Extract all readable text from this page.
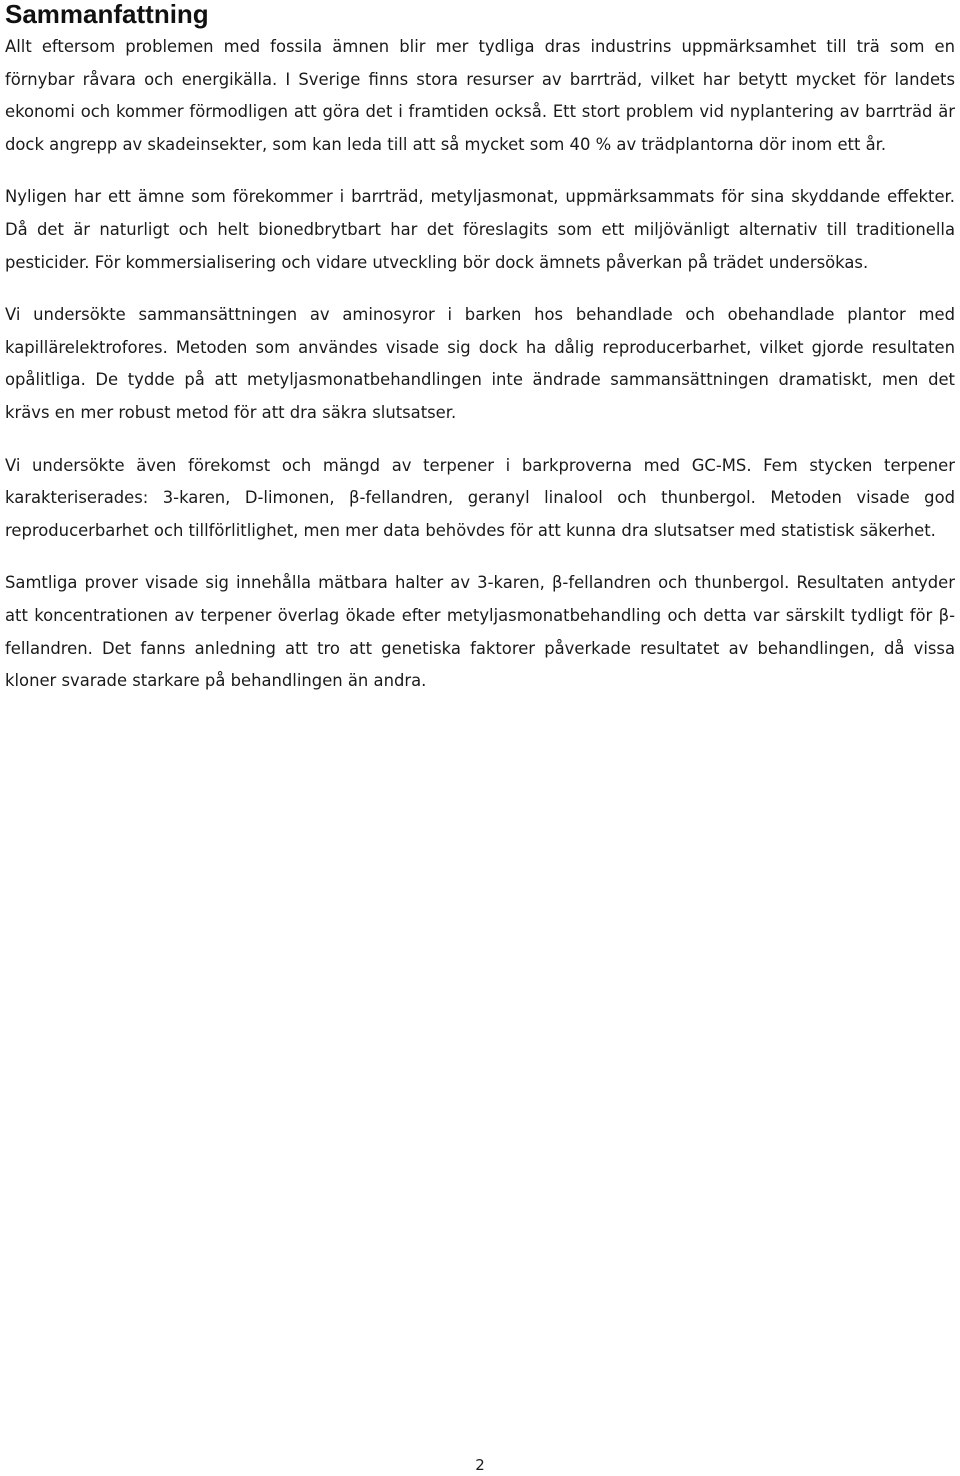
Sammanfattning

Allt eftersom problemen med fossila ämnen blir mer tydliga dras industrins uppmärksamhet till trä som en förnybar råvara och energikälla. I Sverige finns stora resurser av barrträd, vilket har betytt mycket för landets ekonomi och kommer förmodligen att göra det i framtiden också. Ett stort problem vid nyplantering av barrträd är dock angrepp av skadeinsekter, som kan leda till att så mycket som 40 % av trädplantorna dör inom ett år.

Nyligen har ett ämne som förekommer i barrträd, metyljasmonat, uppmärksammats för sina skyddande effekter. Då det är naturligt och helt bionedbrytbart har det föreslagits som ett miljövänligt alternativ till traditionella pesticider. För kommersialisering och vidare utveckling bör dock ämnets påverkan på trädet undersökas.

Vi undersökte sammansättningen av aminosyror i barken hos behandlade och obehandlade plantor med kapillärelektrofores. Metoden som användes visade sig dock ha dålig reproducerbarhet, vilket gjorde resultaten opålitliga. De tydde på att metyljasmonatbehandlingen inte ändrade sammansättningen dramatiskt, men det krävs en mer robust metod för att dra säkra slutsatser.

Vi undersökte även förekomst och mängd av terpener i barkproverna med GC-MS. Fem stycken terpener karakteriserades: 3-karen, D-limonen, β-fellandren, geranyl linalool och thunbergol. Metoden visade god reproducerbarhet och tillförlitlighet, men mer data behövdes för att kunna dra slutsatser med statistisk säkerhet.

Samtliga prover visade sig innehålla mätbara halter av 3-karen, β-fellandren och thunbergol. Resultaten antyder att koncentrationen av terpener överlag ökade efter metyljasmonatbehandling och detta var särskilt tydligt för β-fellandren. Det fanns anledning att tro att genetiska faktorer påverkade resultatet av behandlingen, då vissa kloner svarade starkare på behandlingen än andra.

2
